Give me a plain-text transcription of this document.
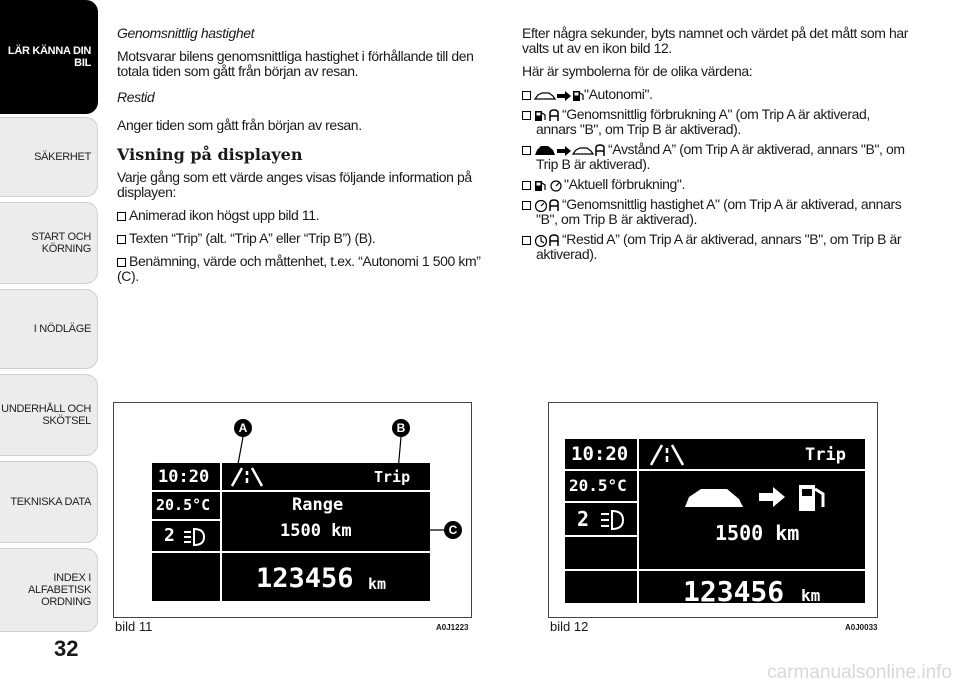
LÄR KÄNNA DIN
BIL
SÄKERHET
START OCH
KÖRNING
I NÖDLÄGE
UNDERHÅLL OCH
SKÖTSEL
TEKNISKA DATA
INDEX I ALFABETISK
ORDNING
32

Genomsnittlig hastighet

Motsvarar bilens genomsnittliga hastighet i förhållande till den totala tiden som gått från början av resan.

Restid

Anger tiden som gått från början av resan.

Visning på displayen

Varje gång som ett värde anges visas följande information på displayen:

Animerad ikon högst upp bild 11.

Texten “Trip” (alt. “Trip A” eller “Trip B”) (B).

Benämning, värde och måttenhet, t.ex. “Autonomi 1 500 km” (C).

Efter några sekunder, byts namnet och värdet på det mått som har valts ut av en ikon bild 12.

Här är symbolerna för de olika värdena:

"Autonomi".

“Genomsnittlig förbrukning A" (om Trip A är aktiverad, annars "B", om Trip B är aktiverad).

“Avstånd A” (om Trip A är aktiverad, annars "B", om Trip B är aktiverad).

"Aktuell förbrukning".

“Genomsnittlig hastighet A" (om Trip A är aktiverad, annars "B", om Trip B är aktiverad).

“Restid A” (om Trip A är aktiverad, annars "B", om Trip B är aktiverad).

A	B
C
10:20
20.5°C
2
Trip
Range
1500 km
123456 km
bild 11	A0J1223
10:20
20.5°C
2
Trip
1500 km
123456 km
bild 12	A0J0033
carmanualsonline.info
